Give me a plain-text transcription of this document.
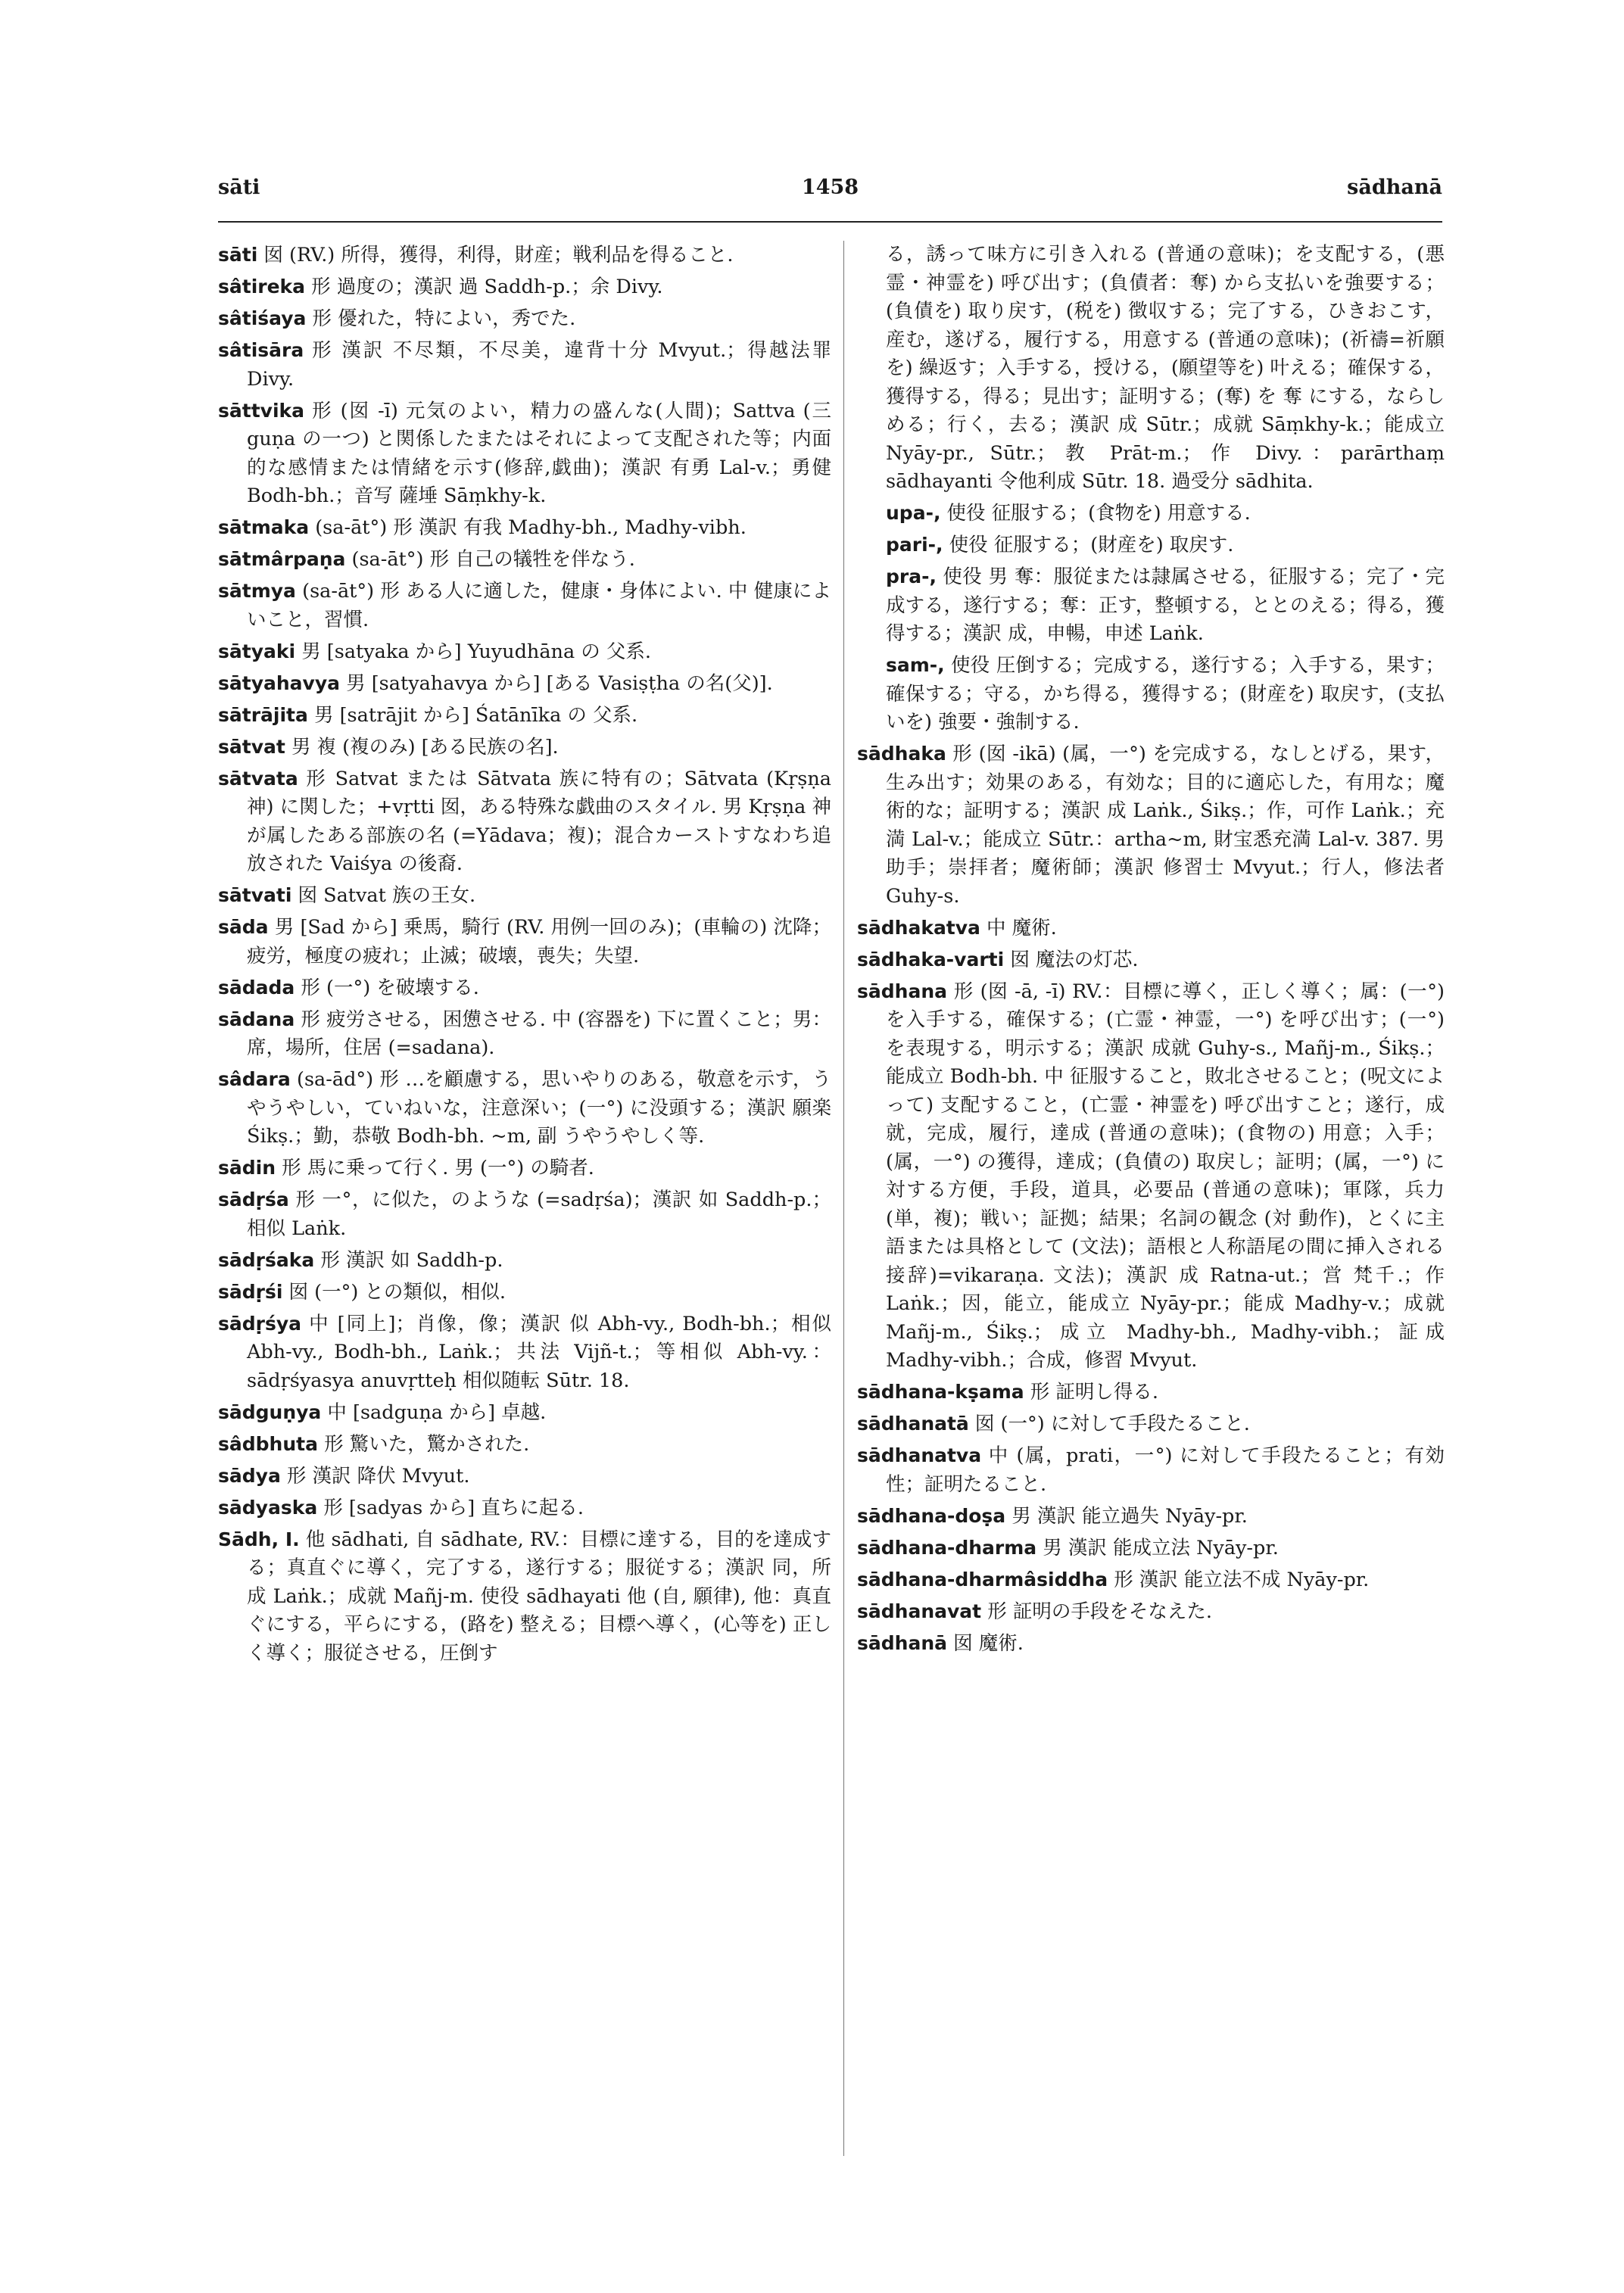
sāti	1458	sādhanā

sāti 囡 (RV.) 所得，獲得，利得，財産；戦利品を得ること.

sâtireka 形 過度の；漢訳 過 Saddh-p.；余 Divy.

sâtiśaya 形 優れた，特によい，秀でた.

sâtisāra 形 漢訳 不尽類，不尽美，違背十分 Mvyut.；得越法罪 Divy.

sāttvika 形 (囡 -ī) 元気のよい，精力の盛んな(人間)；Sattva (三 guṇa の一つ) と関係したまたはそれによって支配された等；内面的な感情または情緒を示す(修辞,戯曲)；漢訳 有勇 Lal-v.；勇健 Bodh-bh.；音写 薩埵 Sāṃkhy-k.

sātmaka (sa-āt°) 形 漢訳 有我 Madhy-bh., Madhy-vibh.

sātmârpaṇa (sa-āt°) 形 自己の犠牲を伴なう.

sātmya (sa-āt°) 形 ある人に適した，健康・身体によい. 中 健康によいこと，習慣.

sātyaki 男 [satyaka から] Yuyudhāna の 父系.

sātyahavya 男 [satyahavya から] [ある Vasiṣṭha の名(父)].

sātrājita 男 [satrājit から] Śatānīka の 父系.

sātvat 男 複 (複のみ) [ある民族の名].

sātvata 形 Satvat または Sātvata 族に特有の；Sātvata (Kṛṣṇa 神) に関した；+vṛtti 囡，ある特殊な戯曲のスタイル. 男 Kṛṣṇa 神が属したある部族の名 (=Yādava；複)；混合カーストすなわち追放された Vaiśya の後裔.

sātvati 囡 Satvat 族の王女.

sāda 男 [Sad から] 乗馬，騎行 (RV. 用例一回のみ)；(車輪の) 沈降；疲労，極度の疲れ；止滅；破壊，喪失；失望.

sādada 形 (一°) を破壊する.

sādana 形 疲労させる，困憊させる. 中 (容器を) 下に置くこと；男：席，場所，住居 (=sadana).

sâdara (sa-ād°) 形 …を顧慮する，思いやりのある，敬意を示す，うやうやしい，ていねいな，注意深い；(一°) に没頭する；漢訳 願楽 Śikṣ.；勤，恭敬 Bodh-bh. ~m, 副 うやうやしく等.

sādin 形 馬に乗って行く. 男 (一°) の騎者.

sādṛśa 形 一°，に似た，のような (=sadṛśa)；漢訳 如 Saddh-p.；相似 Laṅk.

sādṛśaka 形 漢訳 如 Saddh-p.

sādṛśi 囡 (一°) との類似，相似.

sādṛśya 中 [同上]；肖像，像；漢訳 似 Abh-vy., Bodh-bh.；相似 Abh-vy., Bodh-bh., Laṅk.；共法 Vijñ-t.；等相似 Abh-vy.：sādṛśyasya anuvṛtteḥ 相似随転 Sūtr. 18.

sādguṇya 中 [sadguṇa から] 卓越.

sâdbhuta 形 驚いた，驚かされた.

sādya 形 漢訳 降伏 Mvyut.

sādyaska 形 [sadyas から] 直ちに起る.

Sādh, I. 他 sādhati, 自 sādhate, RV.：目標に達する，目的を達成する；真直ぐに導く，完了する，遂行する；服従する；漢訳 同，所成 Laṅk.；成就 Mañj-m. 使役 sādhayati 他 (自, 願律), 他：真直ぐにする，平らにする，(路を) 整える；目標へ導く，(心等を) 正しく導く；服従させる，圧倒す

る，誘って味方に引き入れる (普通の意味)；を支配する，(悪霊・神霊を) 呼び出す；(負債者：奪) から支払いを強要する；(負債を) 取り戻す，(税を) 徴収する；完了する，ひきおこす，産む，遂げる，履行する，用意する (普通の意味)；(祈禱=祈願を) 繰返す；入手する，授ける，(願望等を) 叶える；確保する，獲得する，得る；見出す；証明する；(奪) を 奪 にする，ならしめる；行く，去る；漢訳 成 Sūtr.；成就 Sāṃkhy-k.；能成立 Nyāy-pr., Sūtr.；教 Prāt-m.；作 Divy.：parārthaṃ sādhayanti 令他利成 Sūtr. 18. 過受分 sādhita.

upa-, 使役 征服する；(食物を) 用意する.

pari-, 使役 征服する；(財産を) 取戻す.

pra-, 使役 男 奪：服従または隷属させる，征服する；完了・完成する，遂行する；奪：正す，整頓する，ととのえる；得る，獲得する；漢訳 成，申暢，申述 Laṅk.

sam-, 使役 圧倒する；完成する，遂行する；入手する，果す；確保する；守る，かち得る，獲得する；(財産を) 取戻す，(支払いを) 強要・強制する.

sādhaka 形 (囡 -ikā) (属，一°) を完成する，なしとげる，果す，生み出す；効果のある，有効な；目的に適応した，有用な；魔術的な；証明する；漢訳 成 Laṅk., Śikṣ.；作，可作 Laṅk.；充満 Lal-v.；能成立 Sūtr.：artha~m, 財宝悉充満 Lal-v. 387. 男 助手；崇拝者；魔術師；漢訳 修習士 Mvyut.；行人，修法者 Guhy-s.

sādhakatva 中 魔術.

sādhaka-varti 囡 魔法の灯芯.

sādhana 形 (囡 -ā, -ī) RV.：目標に導く，正しく導く；属：(一°) を入手する，確保する；(亡霊・神霊，一°) を呼び出す；(一°) を表現する，明示する；漢訳 成就 Guhy-s., Mañj-m., Śikṣ.；能成立 Bodh-bh. 中 征服すること，敗北させること；(呪文によって) 支配すること，(亡霊・神霊を) 呼び出すこと；遂行，成就，完成，履行，達成 (普通の意味)；(食物の) 用意；入手；(属，一°) の獲得，達成；(負債の) 取戻し；証明；(属，一°) に対する方便，手段，道具，必要品 (普通の意味)；軍隊，兵力 (単，複)；戦い；証拠；結果；名詞の観念 (対 動作)，とくに主語または具格として (文法)；語根と人称語尾の間に挿入される接辞)=vikaraṇa. 文法)；漢訳 成 Ratna-ut.；営 梵千.；作 Laṅk.；因，能立，能成立 Nyāy-pr.；能成 Madhy-v.；成就 Mañj-m., Śikṣ.；成立 Madhy-bh., Madhy-vibh.；証成 Madhy-vibh.；合成，修習 Mvyut.

sādhana-kṣama 形 証明し得る.

sādhanatā 囡 (一°) に対して手段たること.

sādhanatva 中 (属，prati，一°) に対して手段たること；有効性；証明たること.

sādhana-doṣa 男 漢訳 能立過失 Nyāy-pr.

sādhana-dharma 男 漢訳 能成立法 Nyāy-pr.

sādhana-dharmâsiddha 形 漢訳 能立法不成 Nyāy-pr.

sādhanavat 形 証明の手段をそなえた.

sādhanā 囡 魔術.
